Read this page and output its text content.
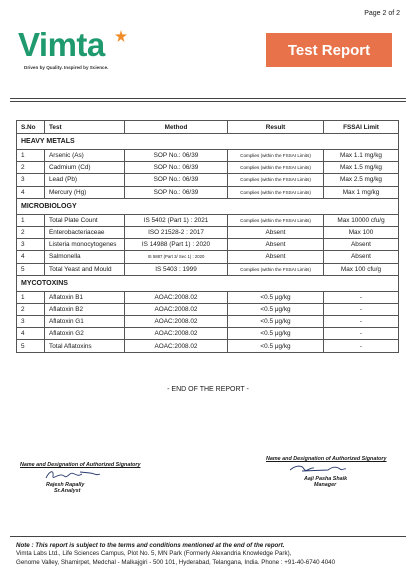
Page 2 of 2
Vimta
Driven by Quality. Inspired by Science.
Test Report
S.No	Test	Method	Result	FSSAI Limit
HEAVY METALS				
1	Arsenic (As)	SOP No.: 06/39	Complies (within the FSSAI Limits)	Max 1.1 mg/kg
2	Cadmium (Cd)	SOP No.: 06/39	Complies (within the FSSAI Limits)	Max 1.5 mg/kg
3	Lead (Pb)	SOP No.: 06/39	Complies (within the FSSAI Limits)	Max 2.5 mg/kg
4	Mercury (Hg)	SOP No.: 06/39	Complies (within the FSSAI Limits)	Max 1 mg/kg
MICROBIOLOGY				
1	Total Plate Count	IS 5402 (Part 1) : 2021	Complies (within the FSSAI Limits)	Max 10000 cfu/g
2	Enterobacteriaceae	ISO 21528-2 : 2017	Absent	Max 100
3	Listeria monocytogenes	IS 14988 (Part 1) : 2020	Absent	Absent
4	Salmonella	IS 5887 (Part 3/ Sec 1) : 2020	Absent	Absent
5	Total Yeast and Mould	IS 5403 : 1999	Complies (within the FSSAI Limits)	Max 100 cfu/g
MYCOTOXINS				
1	Aflatoxin B1	AOAC:2008.02	<0.5 μg/kg	-
2	Aflatoxin B2	AOAC:2008.02	<0.5 μg/kg	-
3	Aflatoxin G1	AOAC:2008.02	<0.5 μg/kg	-
4	Aflatoxin G2	AOAC:2008.02	<0.5 μg/kg	-
5	Total Aflatoxins	AOAC:2008.02	<0.5 μg/kg	-
- END OF THE REPORT -
Name and Designation of Authorized Signatory
Rajesh Rapally
Sr.Analyst
Name and Designation of Authorized Signatory
Aaji Pasha Shaik
Manager
Note : This report is subject to the terms and conditions mentioned at the end of the report.
Vimta Labs Ltd., Life Sciences Campus, Plot No. 5, MN Park (Formerly Alexandria Knowledge Park),
Genome Valley, Shamirpet, Medchal - Malkajgiri - 500 101, Hyderabad, Telangana, India. Phone : +91-40-6740 4040
